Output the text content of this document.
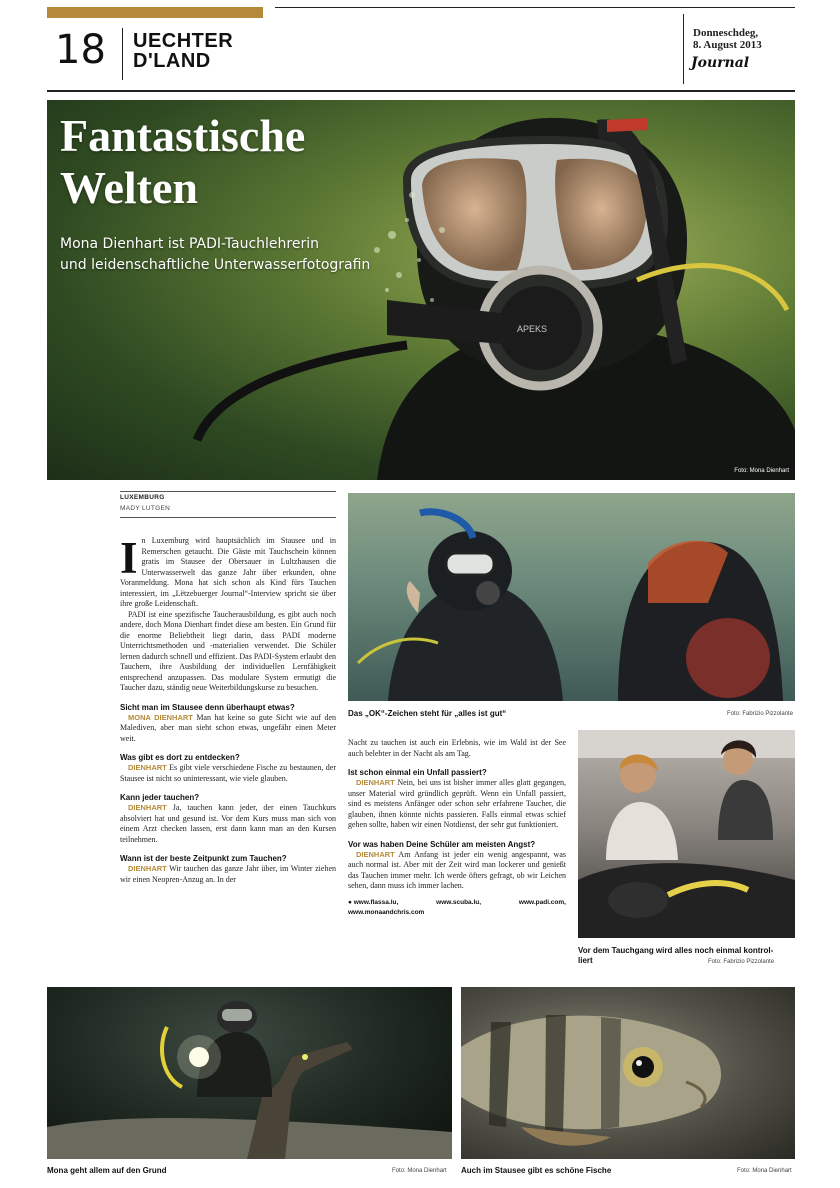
18 UECHTER
D'LAND
Donneschdeg,
8. August 2013
Journal
APEKS
Fantastische
Welten
Mona Dienhart ist PADI-Tauchlehrerin
und leidenschaftliche Unterwasserfotografin
Foto: Mona Dienhart
LUXEMBURG
MADY LUTGEN

In Luxemburg wird hauptsächlich im Stausee und in Remerschen getaucht. Die Gäste mit Tauchschein können gratis im Stausee der Obersauer in Lultzhausen die Unterwasserwelt das ganze Jahr über erkunden, ohne Voranmeldung. Mona hat sich schon als Kind fürs Tauchen interessiert, im „Lëtzebuerger Journal“-Interview spricht sie über ihre große Leidenschaft.

PADI ist eine spezifische Taucherausbildung, es gibt auch noch andere, doch Mona Dienhart findet diese am besten. Ein Grund für die enorme Beliebtheit liegt darin, dass PADI moderne Unterrichtsmethoden und -materialien verwendet. Die Schüler lernen dadurch schnell und effizient. Das PADI-System erlaubt den Tauchern, ihre Ausbildung der individuellen Lernfähigkeit entsprechend anzupassen. Das modulare System ermutigt die Taucher dazu, ständig neue Weiterbildungskurse zu besuchen.

Sicht man im Stausee denn überhaupt etwas?

MONA DIENHART Man hat keine so gute Sicht wie auf den Malediven, aber man sieht schon etwas, ungefähr einen Meter weit.

Was gibt es dort zu entdecken?

DIENHART Es gibt viele verschiedene Fische zu bestaunen, der Stausee ist nicht so uninteressant, wie viele glauben.

Kann jeder tauchen?

DIENHART Ja, tauchen kann jeder, der einen Tauchkurs absolviert hat und gesund ist. Vor dem Kurs muss man sich von einem Arzt checken lassen, erst dann kann man an den Kursen teilnehmen.

Wann ist der beste Zeitpunkt zum Tauchen?

DIENHART Wir tauchen das ganze Jahr über, im Winter ziehen wir einen Neopren-Anzug an. In der

Nacht zu tauchen ist auch ein Erlebnis, wie im Wald ist der See auch belebter in der Nacht als am Tag.

Ist schon einmal ein Unfall passiert?

DIENHART Nein, bei uns ist bisher immer alles glatt gegangen, unser Material wird gründlich geprüft. Wenn ein Unfall passiert, sind es meistens Anfänger oder schon sehr erfahrene Taucher, die glauben, ihnen könnte nichts passieren. Falls einmal etwas schief gehen sollte, haben wir einen Notdienst, der sehr gut funktioniert.

Vor was haben Deine Schüler am meisten Angst?

DIENHART Am Anfang ist jeder ein wenig angespannt, was auch normal ist. Aber mit der Zeit wird man lockerer und genießt das Tauchen immer mehr. Ich werde öfters gefragt, ob wir Leichen sehen, dann muss ich immer lachen.

● www.flassa.lu,	www.scuba.lu,	www.padi.com,
www.monaandchris.com
Das „OK“-Zeichen steht für „alles ist gut“	Foto: Fabrizio Pizzolante
Vor dem Tauchgang wird alles noch einmal kontrol-
liert	Foto: Fabrizio Pizzolante
Mona geht allem auf den Grund	Foto: Mona Dienhart Auch im Stausee gibt es schöne Fische	Foto: Mona Dienhart
